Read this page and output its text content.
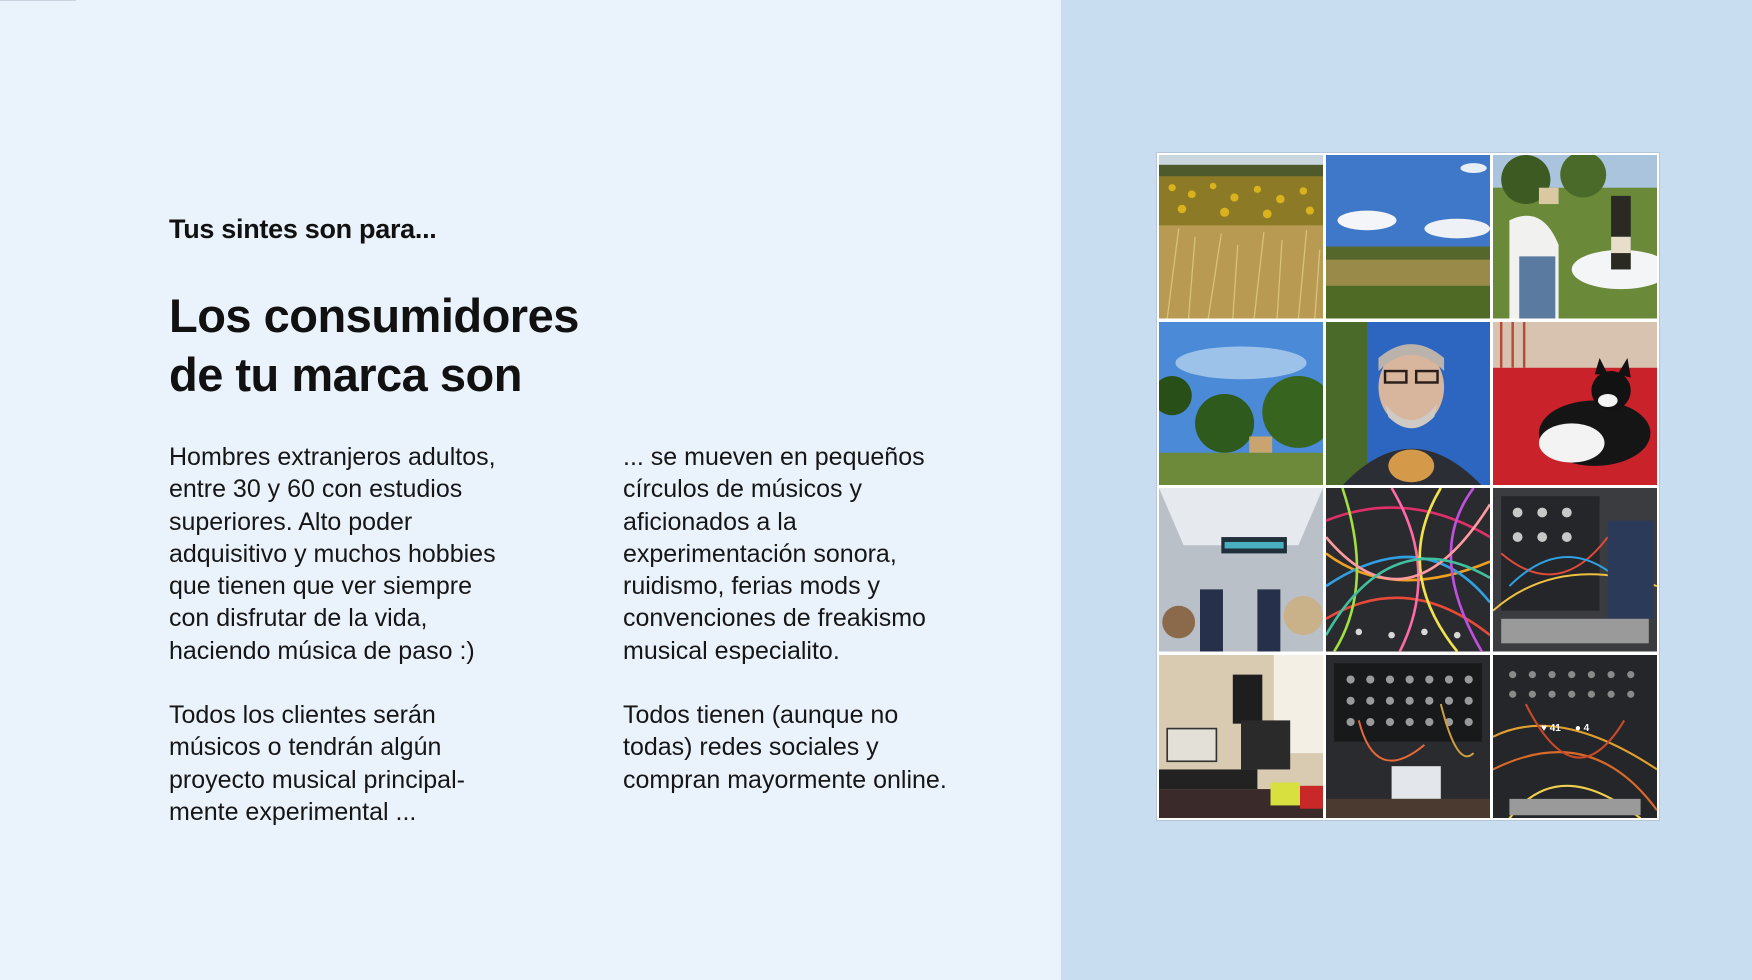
Tus sintes son para...
Los consumidores
de tu marca son

Hombres extranjeros adultos,
entre 30 y 60 con estudios
superiores. Alto poder
adquisitivo y muchos hobbies
que tienen que ver siempre
con disfrutar de la vida,
haciendo música de paso :)

Todos los clientes serán
músicos o tendrán algún
proyecto musical principal-
mente experimental ...

... se mueven en pequeños
círculos de músicos y
aficionados a la
experimentación sonora,
ruidismo, ferias mods y
convenciones de freakismo
musical especialito.

Todos tienen (aunque no
todas) redes sociales y
compran mayormente online.

♥ 41 ● 4
